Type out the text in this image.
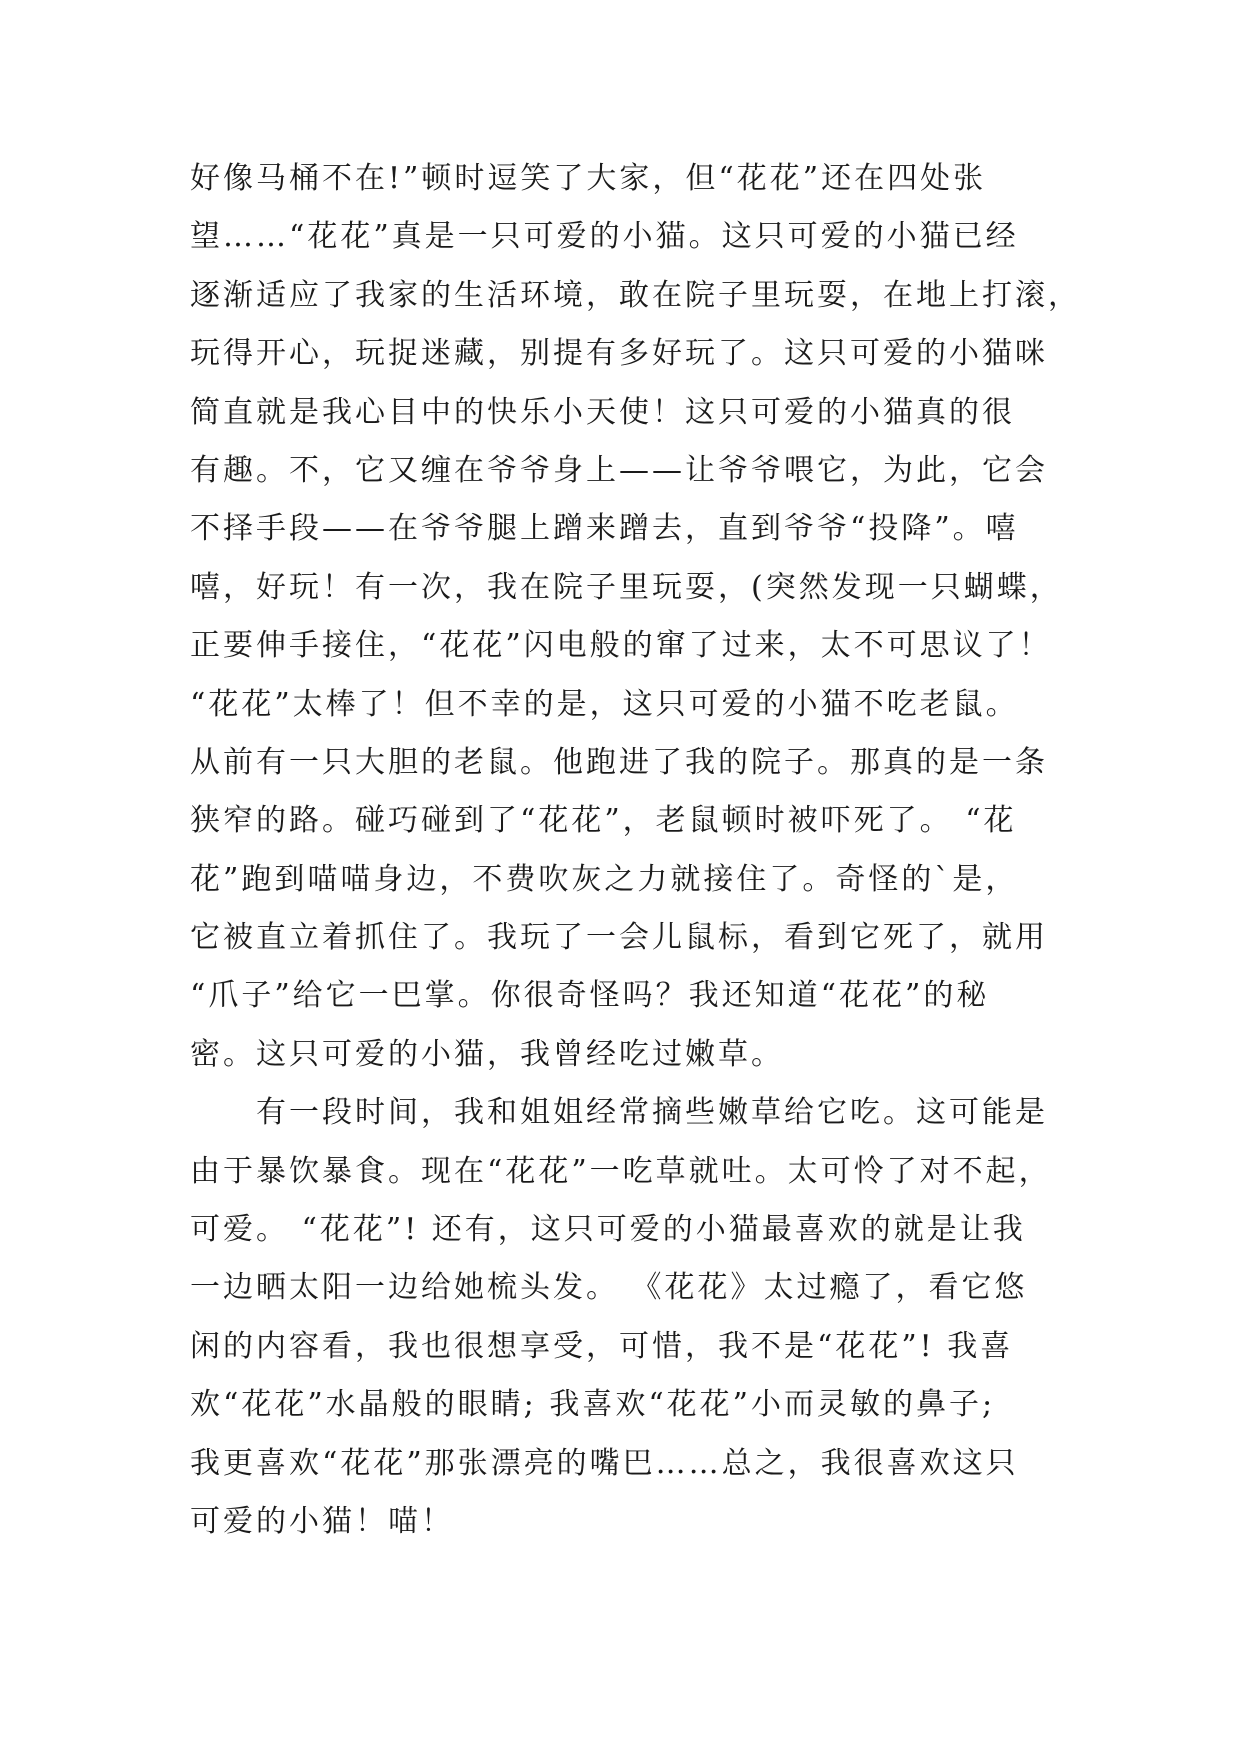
好像马桶不在!”顿时逗笑了大家，但“花花”还在四处张
望……“花花”真是一只可爱的小猫。这只可爱的小猫已经
逐渐适应了我家的生活环境，敢在院子里玩耍，在地上打滚，
玩得开心，玩捉迷藏，别提有多好玩了。这只可爱的小猫咪
简直就是我心目中的快乐小天使！这只可爱的小猫真的很
有趣。不，它又缠在爷爷身上——让爷爷喂它，为此，它会
不择手段——在爷爷腿上蹭来蹭去，直到爷爷“投降”。嘻
嘻，好玩！有一次，我在院子里玩耍，(突然发现一只蝴蝶，
正要伸手接住，“花花”闪电般的窜了过来，太不可思议了！
“花花”太棒了！但不幸的是，这只可爱的小猫不吃老鼠。
从前有一只大胆的老鼠。他跑进了我的院子。那真的是一条
狭窄的路。碰巧碰到了“花花”，老鼠顿时被吓死了。 “花
花”跑到喵喵身边，不费吹灰之力就接住了。奇怪的`是，
它被直立着抓住了。我玩了一会儿鼠标，看到它死了，就用
“爪子”给它一巴掌。你很奇怪吗？我还知道“花花”的秘
密。这只可爱的小猫，我曾经吃过嫩草。
有一段时间，我和姐姐经常摘些嫩草给它吃。这可能是
由于暴饮暴食。现在“花花”一吃草就吐。太可怜了对不起，
可爱。 “花花”! 还有，这只可爱的小猫最喜欢的就是让我
一边晒太阳一边给她梳头发。 《花花》太过瘾了，看它悠
闲的内容看，我也很想享受，可惜，我不是“花花”! 我喜
欢“花花”水晶般的眼睛; 我喜欢“花花”小而灵敏的鼻子;
我更喜欢“花花”那张漂亮的嘴巴……总之，我很喜欢这只
可爱的小猫！喵！
